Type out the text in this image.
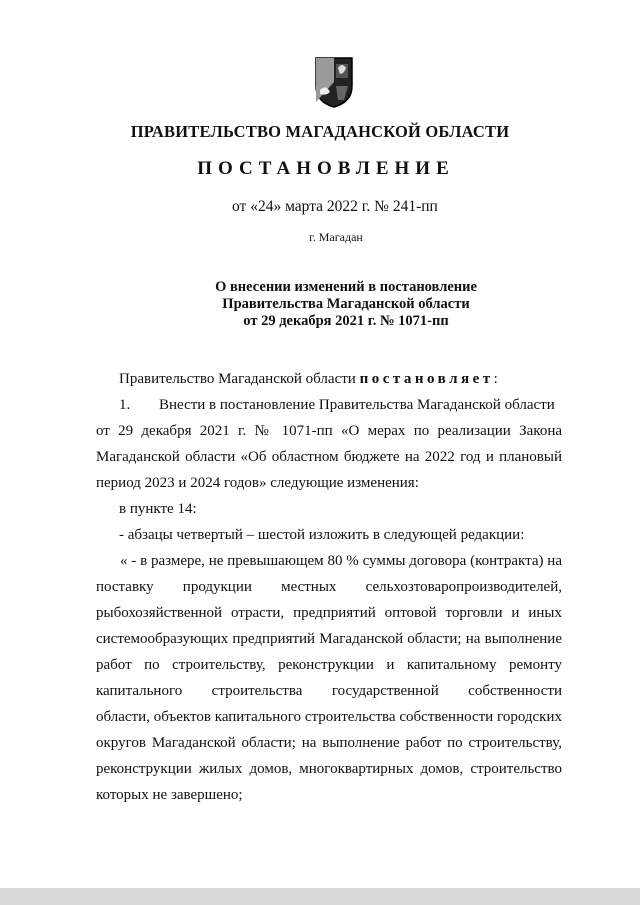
ПРАВИТЕЛЬСТВО МАГАДАНСКОЙ ОБЛАСТИ
ПОСТАНОВЛЕНИЕ
от «24» марта 2022 г. № 241-пп
г. Магадан
О внесении изменений в постановление
Правительства Магаданской области
от 29 декабря 2021 г. № 1071-пп
Правительство Магаданской области постановляет:
1. Внести в постановление Правительства Магаданской области
от 29 декабря 2021 г. № 1071-пп «О мерах по реализации Закона
Магаданской области «Об областном бюджете на 2022 год и плановый
период 2023 и 2024 годов» следующие изменения:
в пункте 14:
- абзацы четвертый – шестой изложить в следующей редакции:
« - в размере, не превышающем 80 % суммы договора (контракта) на
поставку продукции местных сельхозтоваропроизводителей,
рыбохозяйственной отрасти, предприятий оптовой торговли и иных
системообразующих предприятий Магаданской области; на выполнение
работ по строительству, реконструкции и капитальному ремонту
капитального строительства государственной собственности
области, объектов капитального строительства собственности городских
округов Магаданской области; на выполнение работ по строительству,
реконструкции жилых домов, многоквартирных домов, строительство
которых не завершено;
